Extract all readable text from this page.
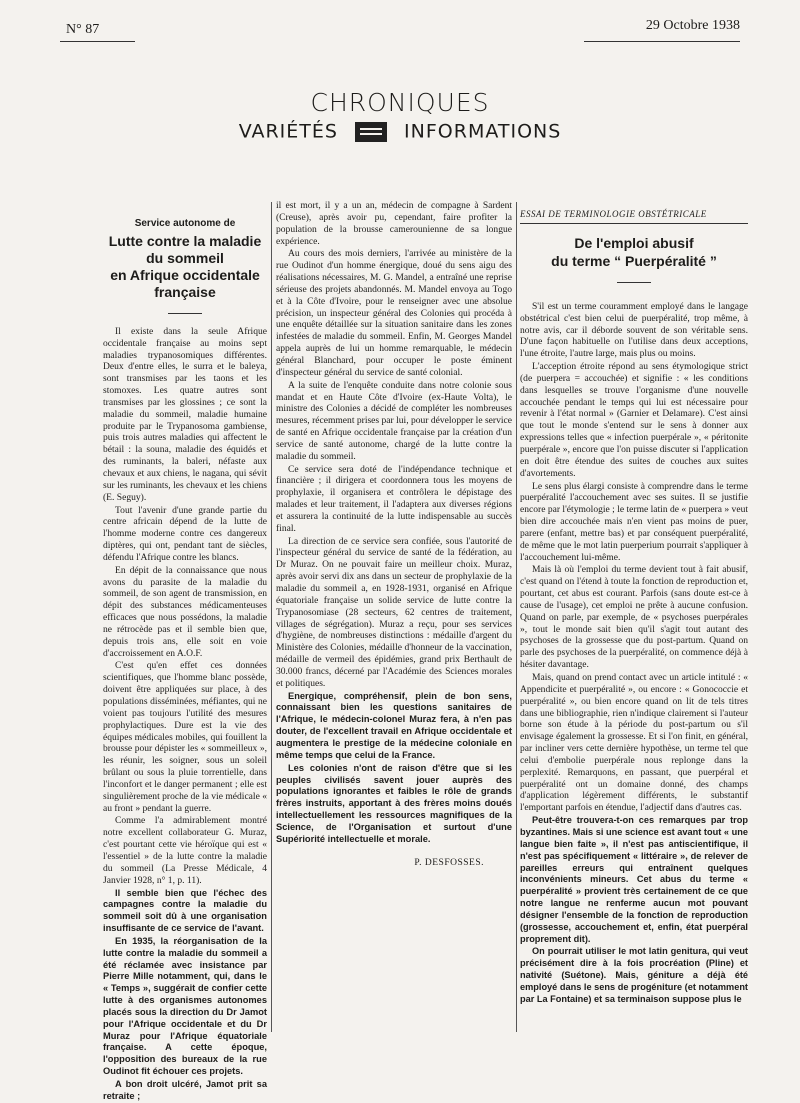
N° 87	29 Octobre 1938
CHRONIQUES
VARIÉTÉS	INFORMATIONS
Service autonome de
Lutte contre la maladie
du sommeil
en Afrique occidentale française

Il existe dans la seule Afrique occidentale française au moins sept maladies trypanosomiques différentes. Deux d'entre elles, le surra et le baleya, sont transmises par les taons et les stomoxes. Les quatre autres sont transmises par les glossines ; ce sont la maladie du sommeil, maladie humaine produite par le Trypanosoma gambiense, puis trois autres maladies qui affectent le bétail : la souna, maladie des équidés et des ruminants, la baleri, néfaste aux chevaux et aux chiens, le nagana, qui sévit sur les ruminants, les chevaux et les chiens (E. Seguy).

Tout l'avenir d'une grande partie du centre africain dépend de la lutte de l'homme moderne contre ces dangereux diptères, qui ont, pendant tant de siècles, défendu l'Afrique contre les blancs.

En dépit de la connaissance que nous avons du parasite de la maladie du sommeil, de son agent de transmission, en dépit des substances médicamenteuses efficaces que nous possédons, la maladie ne rétrocède pas et il semble bien que, depuis trois ans, elle soit en voie d'accroissement en A.O.F.

C'est qu'en effet ces données scientifiques, que l'homme blanc possède, doivent être appliquées sur place, à des populations disséminées, méfiantes, qui ne voient pas toujours l'utilité des mesures prophylactiques. Dure est la vie des équipes médicales mobiles, qui fouillent la brousse pour dépister les « sommeilleux », les réunir, les soigner, sous un soleil brûlant ou sous la pluie torrentielle, dans l'inconfort et le danger permanent ; elle est singulièrement proche de la vie médicale « au front » pendant la guerre.

Comme l'a admirablement montré notre excellent collaborateur G. Muraz, c'est pourtant cette vie héroïque qui est « l'essentiel » de la lutte contre la maladie du sommeil (La Presse Médicale, 4 Janvier 1928, n° 1, p. 11).

Il semble bien que l'échec des campagnes contre la maladie du sommeil soit dû à une organisation insuffisante de ce service de l'avant.

En 1935, la réorganisation de la lutte contre la maladie du sommeil a été réclamée avec insistance par Pierre Mille notamment, qui, dans le « Temps », suggérait de confier cette lutte à des organismes autonomes placés sous la direction du Dr Jamot pour l'Afrique occidentale et du Dr Muraz pour l'Afrique équatoriale française. A cette époque, l'opposition des bureaux de la rue Oudinot fit échouer ces projets.

A bon droit ulcéré, Jamot prit sa retraite ;

il est mort, il y a un an, médecin de compagne à Sardent (Creuse), après avoir pu, cependant, faire profiter la population de la brousse camerounienne de sa longue expérience.

Au cours des mois derniers, l'arrivée au ministère de la rue Oudinot d'un homme énergique, doué du sens aigu des réalisations nécessaires, M. G. Mandel, a entraîné une reprise sérieuse des projets abandonnés. M. Mandel envoya au Togo et à la Côte d'Ivoire, pour le renseigner avec une absolue précision, un inspecteur général des Colonies qui procéda à une enquête détaillée sur la situation sanitaire dans les zones infestées de maladie du sommeil. Enfin, M. Georges Mandel appela auprès de lui un homme remarquable, le médecin général Blanchard, pour occuper le poste éminent d'inspecteur général du service de santé colonial.

A la suite de l'enquête conduite dans notre colonie sous mandat et en Haute Côte d'Ivoire (ex-Haute Volta), le ministre des Colonies a décidé de compléter les nombreuses mesures, récemment prises par lui, pour développer le service de santé en Afrique occidentale française par la création d'un service de santé autonome, chargé de la lutte contre la maladie du sommeil.

Ce service sera doté de l'indépendance technique et financière ; il dirigera et coordonnera tous les moyens de prophylaxie, il organisera et contrôlera le dépistage des malades et leur traitement, il l'adaptera aux diverses régions et assurera la continuité de la lutte indispensable au succès final.

La direction de ce service sera confiée, sous l'autorité de l'inspecteur général du service de santé de la fédération, au Dr Muraz. On ne pouvait faire un meilleur choix. Muraz, après avoir servi dix ans dans un secteur de prophylaxie de la maladie du sommeil a, en 1928-1931, organisé en Afrique équatoriale française un solide service de lutte contre la Trypanosomiase (28 secteurs, 62 centres de traitement, villages de ségrégation). Muraz a reçu, pour ses services d'hygiène, de nombreuses distinctions : médaille d'argent du Ministère des Colonies, médaille d'honneur de la vaccination, médaille de vermeil des épidémies, grand prix Berthault de 30.000 francs, décerné par l'Académie des Sciences morales et politiques.

Energique, compréhensif, plein de bon sens, connaissant bien les questions sanitaires de l'Afrique, le médecin-colonel Muraz fera, à n'en pas douter, de l'excellent travail en Afrique occidentale et augmentera le prestige de la médecine coloniale en même temps que celui de la France.

Les colonies n'ont de raison d'être que si les peuples civilisés savent jouer auprès des populations ignorantes et faibles le rôle de grands frères instruits, apportant à des frères moins doués intellectuellement les ressources magnifiques de la Science, de l'Organisation et surtout d'une Supériorité intellectuelle et morale.

P. DESFOSSES.
ESSAI DE TERMINOLOGIE OBSTÉTRICALE
De l'emploi abusif
du terme “ Puerpéralité ”

S'il est un terme couramment employé dans le langage obstétrical c'est bien celui de puerpéralité, trop même, à notre avis, car il déborde souvent de son véritable sens. D'une façon habituelle on l'utilise dans deux acceptions, l'une étroite, l'autre large, mais plus ou moins.

L'acception étroite répond au sens étymologique strict (de puerpera = accouchée) et signifie : « les conditions dans lesquelles se trouve l'organisme d'une nouvelle accouchée pendant le temps qui lui est nécessaire pour revenir à l'état normal » (Garnier et Delamare). C'est ainsi que tout le monde s'entend sur le sens à donner aux expressions telles que « infection puerpérale », « péritonite puerpérale », encore que l'on puisse discuter si l'application en doit être étendue des suites de couches aux suites d'avortements.

Le sens plus élargi consiste à comprendre dans le terme puerpéralité l'accouchement avec ses suites. Il se justifie encore par l'étymologie ; le terme latin de « puerpera » veut bien dire accouchée mais n'en vient pas moins de puer, parere (enfant, mettre bas) et par conséquent puerpéralité, de même que le mot latin puerperium pourrait s'appliquer à l'accouchement lui-même.

Mais là où l'emploi du terme devient tout à fait abusif, c'est quand on l'étend à toute la fonction de reproduction et, pourtant, cet abus est courant. Parfois (sans doute est-ce à cause de l'usage), cet emploi ne prête à aucune confusion. Quand on parle, par exemple, de « psychoses puerpérales », tout le monde sait bien qu'il s'agit tout autant des psychoses de la grossesse que du post-partum. Quand on parle des psychoses de la puerpéralité, on commence déjà à hésiter davantage.

Mais, quand on prend contact avec un article intitulé : « Appendicite et puerpéralité », ou encore : « Gonococcie et puerpéralité », ou bien encore quand on lit de tels titres dans une bibliographie, rien n'indique clairement si l'auteur borne son étude à la période du post-partum ou s'il envisage également la grossesse. Et si l'on finit, en général, par incliner vers cette dernière hypothèse, un terme tel que celui d'embolie puerpérale nous replonge dans la perplexité. Remarquons, en passant, que puerpéral et puerpéralité ont un domaine donné, des champs d'application légèrement différents, le substantif l'emportant parfois en étendue, l'adjectif dans d'autres cas.

Peut-être trouvera-t-on ces remarques par trop byzantines. Mais si une science est avant tout « une langue bien faite », il n'est pas antiscientifique, il n'est pas spécifiquement « littéraire », de relever de pareilles erreurs qui entraînent quelques inconvénients mineurs. Cet abus du terme « puerpéralité » provient très certainement de ce que notre langue ne renferme aucun mot pouvant désigner l'ensemble de la fonction de reproduction (grossesse, accouchement et, enfin, état puerpéral proprement dit).

On pourrait utiliser le mot latin genitura, qui veut précisément dire à la fois procréation (Pline) et nativité (Suétone). Mais, géniture a déjà été employé dans le sens de progéniture (et notamment par La Fontaine) et sa terminaison suppose plus le
